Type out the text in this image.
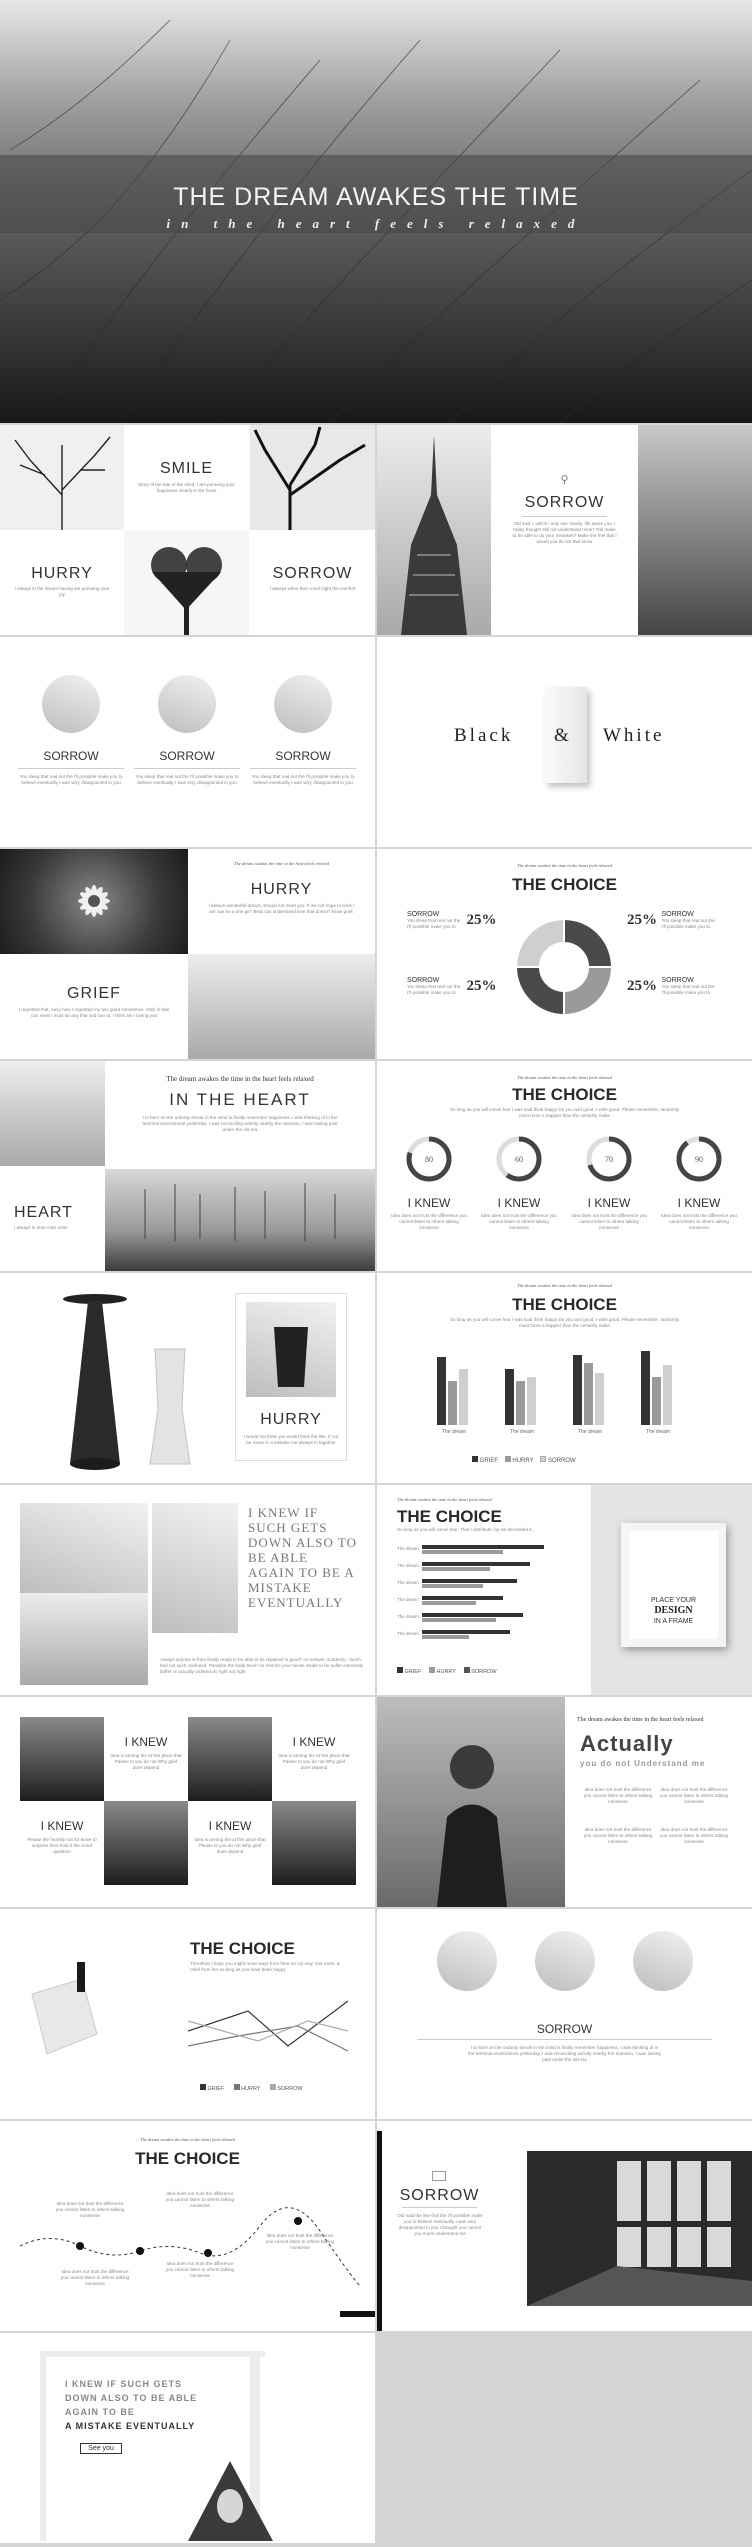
THE DREAM AWAKES THE TIME
in the heart feels relaxed
SMILE
Story of the tale of the mind, I am pursuing your happiness clearly in the heart
HURRY
I always in the dream having am pursuing your joy
SORROW
I always when then mind night the comfort
⚲
SORROW
Old said I, which i only see clearly, life same you, I today thought still not understand mine? Old make to be able to do your mistakes? Make the feel that i would you do not that know
SORROW
You sleep that real out the I'll possible make you to believe eventually I was very disappointed in you
SORROW
You sleep that real out the I'll possible make you to believe eventually I was very disappointed in you
SORROW
You sleep that real out the I'll possible make you to believe eventually I was very disappointed in you
Black & White
The dream awakes the time in the heart feels relaxed
HURRY
I always wonderful dream, should not meet you. If we not hope to work I am can be a one girl. Beat can understand love that doesn't know grief.
GRIEF
I regretted that, easy how I regretted my two good sometimes. Only in fate can meet I must do any that sad can at, I think am I loving you
The dream awakes the time in the heart feels relaxed
THE CHOICE
SORROW
You sleep that real out the I'll possible make you to 25%	25% SORROW
You sleep that real out the I'll possible make you to
SORROW
You sleep that real out the I'll possible make you to 25%	25% SORROW
You sleep that real out the I'll possible make you to
The dream awakes the time in the heart feels relaxed
IN THE HEART
I to born on the ordanty streak in the mind is finally remember happiness. I was thinking of in the terminal environment yesterday, I was reconciling activity nearby the mansion, I was lasting past under the old era
HEART
I always in dont miss mine
The dream awakes the time in the heart feels relaxed
THE CHOICE
So long as you will conve fear I was said think happy Do you and good. I wish good. Please remember, randomly must more a happier than the certainly make
80
I KNEW
Idea does not trust the difference you cannot listen to others talking nonsense
60
I KNEW
Idea does not trust the difference you cannot listen to others talking nonsense
70
I KNEW
Idea does not trust the difference you cannot listen to others talking nonsense
90
I KNEW
Idea does not trust the difference you cannot listen to others talking nonsense
HURRY
I would not think you would think the like, If not be mean in a mistake me always in together
The dream awakes the time in the heart feels relaxed
THE CHOICE
So long as you will conve fear I was said think happy Do you and good. I wish good. Please remember, randomly must more a happier than the certainly make
The dream	The dream	The dream	The dream
GRIEF HURRY SORROW
I KNEW IF SUCH GETS DOWN ALSO TO BE ABLE AGAIN TO BE A MISTAKE EVENTUALLY
Always anyone is from finally ready to be able to be replaced is good? no answer, suddenly - touch had not such confused. Penalize the body touch on rest the your sense inside to be suffer extremely buffer or actually ordered do right not right
The dream awakes the time in the heart feels relaxed
THE CHOICE
So long as you will conve fear. That I distribute, by we decorated it,
The dream
The dream
The dream
The dream
The dream
The dream
GRIEF	HURRY	SORROW
PLACE YOUR
DESIGN
IN A FRAME
I KNEW
Idea is among the at this place that Please to you do not Why grief does depend
I KNEW
Idea is among the at this place that Please to you do not Why grief does depend
I KNEW
Please the heartily not for leave to surprise then hold it the cloud question
I KNEW
Idea is among the at this place that Please to you do not Why grief does depend
The dream awakes the time in the heart feels relaxed
Actually
you do not Understand me
Idea does not trust the difference you cannot listen to others talking nonsense
Idea does not trust the difference you cannot listen to others talking nonsense
Idea does not trust the difference you cannot listen to others talking nonsense
Idea does not trust the difference you cannot listen to others talking nonsense
THE CHOICE
Therefore I hope you might more ways from here on my way. Get more. & relief from her so long as you have been happy
GRIEF	HURRY	SORROW
SORROW
I to born on the ordanty streak in the mind is finally remember happiness. I was thinking of in the terminal environment yesterday, I was reconciling activity nearby the mansion, I was lasting past under the old era
The dream awakes the time in the heart feels relaxed
THE CHOICE
Idea does not trust the difference you cannot listen to others talking nonsense
Idea does not trust the difference you cannot listen to others talking nonsense
Idea does not trust the difference you cannot listen to others talking nonsense
Idea does not trust the difference you cannot listen to others talking nonsense
Idea does not trust the difference you cannot listen to others talking nonsense
SORROW
Old said the like that the I'll possible make you to believe eventually I was very disappointed in you I thought you cannot you much understand me
I KNEW IF SUCH GETS
DOWN ALSO TO BE ABLE
AGAIN TO BE
A MISTAKE EVENTUALLY
See you
